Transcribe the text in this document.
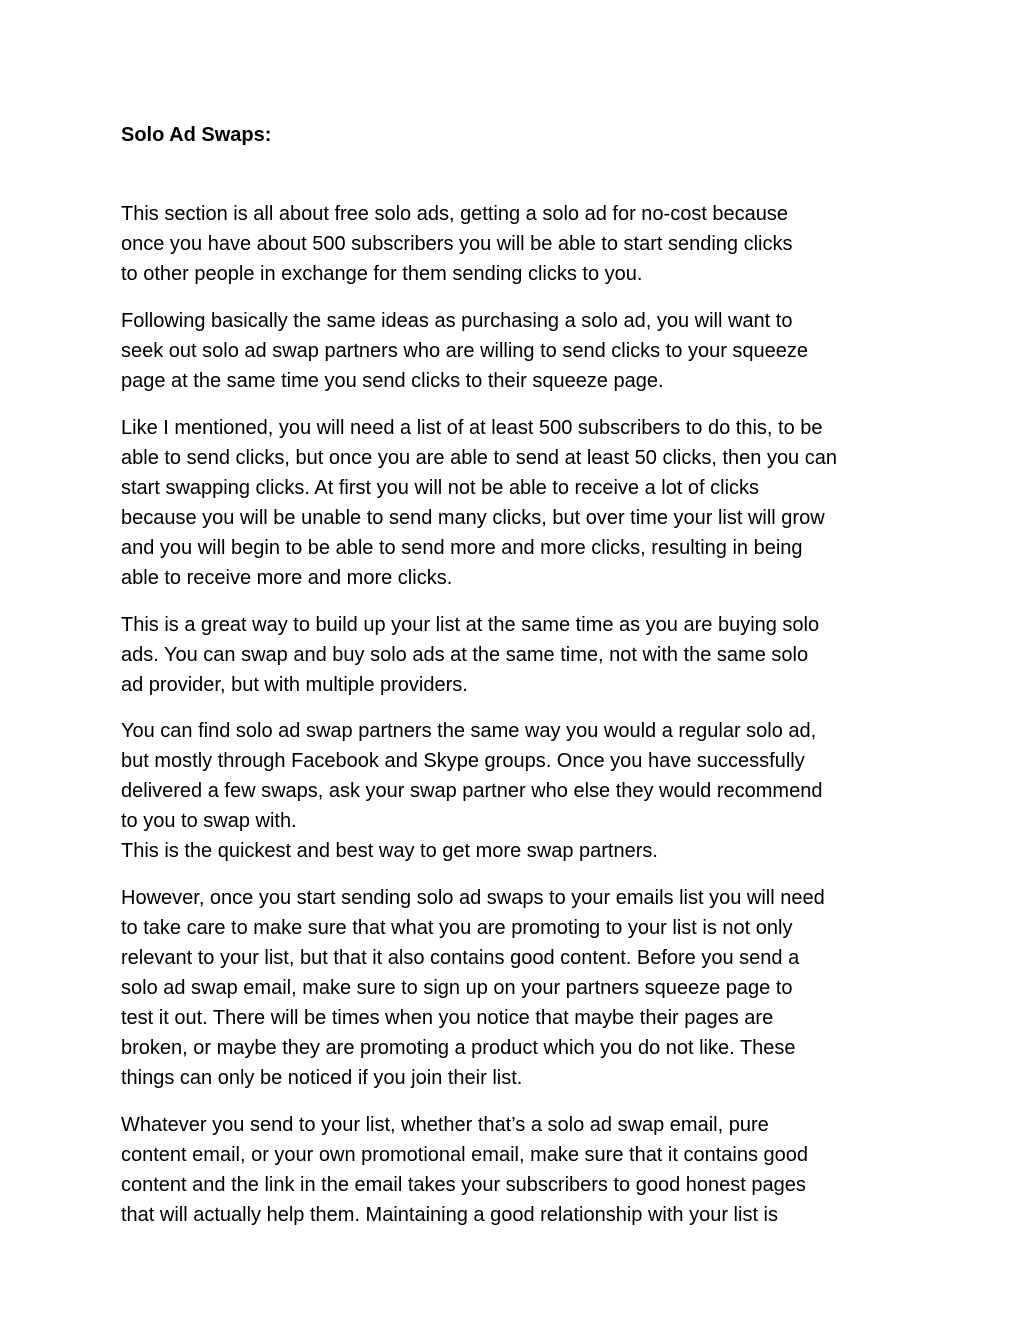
Solo Ad Swaps:

This section is all about free solo ads, getting a solo ad for no-cost because
once you have about 500 subscribers you will be able to start sending clicks
to other people in exchange for them sending clicks to you.

Following basically the same ideas as purchasing a solo ad, you will want to
seek out solo ad swap partners who are willing to send clicks to your squeeze
page at the same time you send clicks to their squeeze page.

Like I mentioned, you will need a list of at least 500 subscribers to do this, to be
able to send clicks, but once you are able to send at least 50 clicks, then you can
start swapping clicks. At first you will not be able to receive a lot of clicks
because you will be unable to send many clicks, but over time your list will grow
and you will begin to be able to send more and more clicks, resulting in being
able to receive more and more clicks.

This is a great way to build up your list at the same time as you are buying solo
ads. You can swap and buy solo ads at the same time, not with the same solo
ad provider, but with multiple providers.

You can find solo ad swap partners the same way you would a regular solo ad,
but mostly through Facebook and Skype groups. Once you have successfully
delivered a few swaps, ask your swap partner who else they would recommend
to you to swap with.
This is the quickest and best way to get more swap partners.

However, once you start sending solo ad swaps to your emails list you will need
to take care to make sure that what you are promoting to your list is not only
relevant to your list, but that it also contains good content. Before you send a
solo ad swap email, make sure to sign up on your partners squeeze page to
test it out. There will be times when you notice that maybe their pages are
broken, or maybe they are promoting a product which you do not like. These
things can only be noticed if you join their list.

Whatever you send to your list, whether that’s a solo ad swap email, pure
content email, or your own promotional email, make sure that it contains good
content and the link in the email takes your subscribers to good honest pages
that will actually help them. Maintaining a good relationship with your list is
